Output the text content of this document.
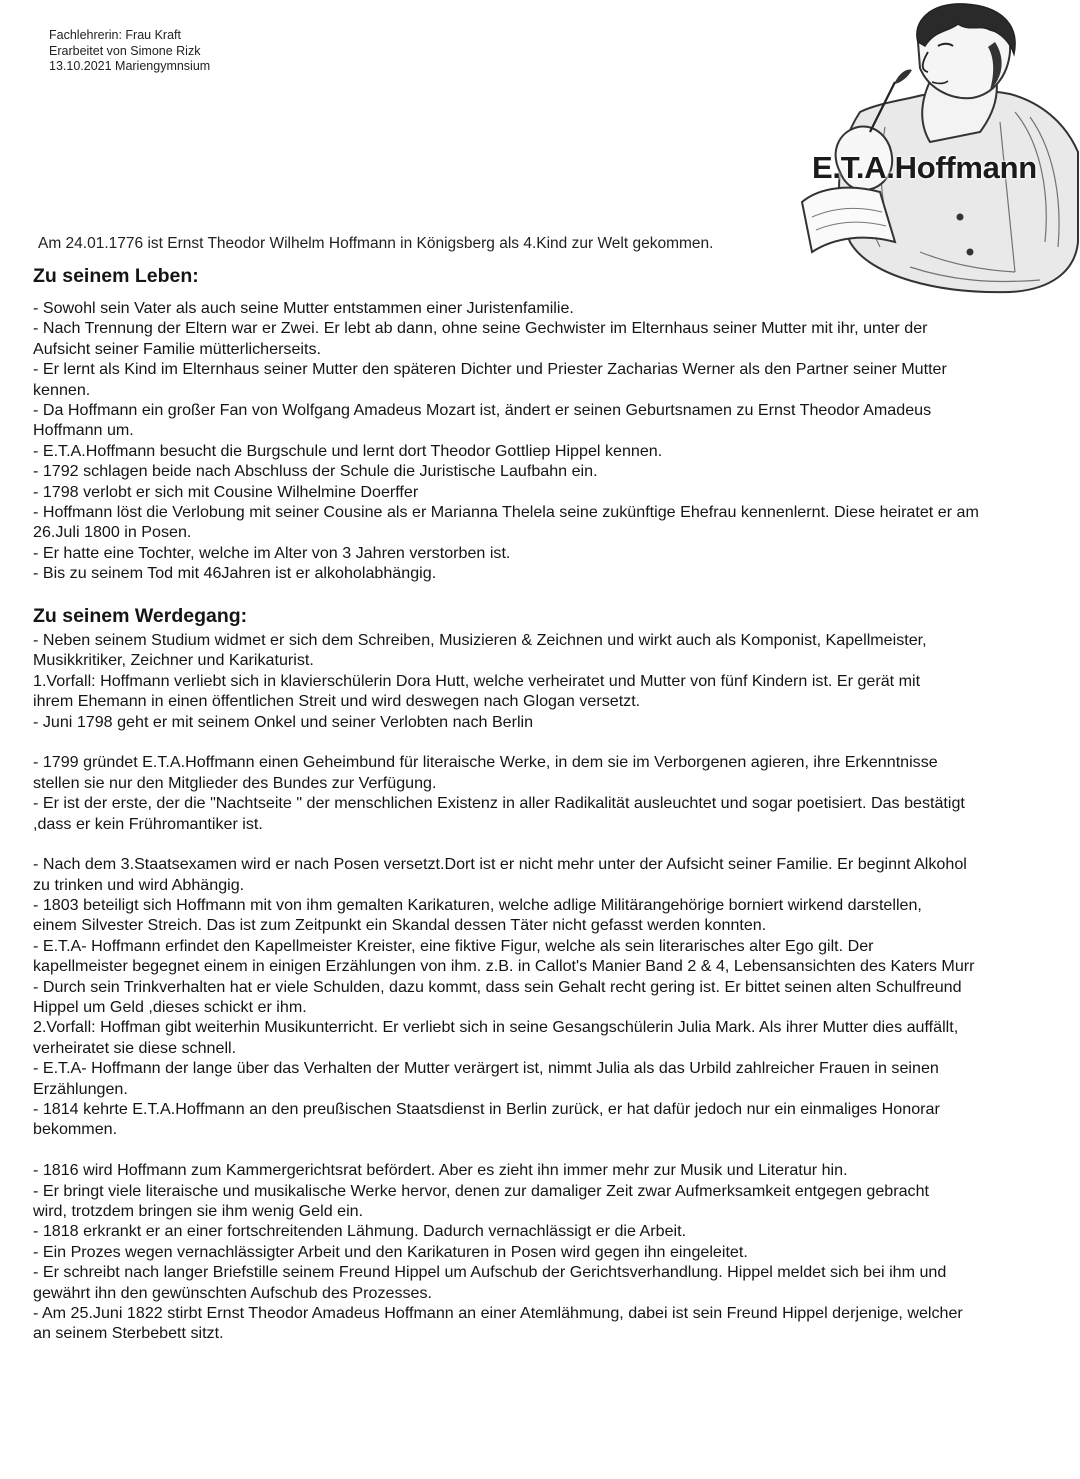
Fachlehrerin: Frau Kraft
Erarbeitet von Simone Rizk
13.10.2021 Mariengymnsium
E.T.A.Hoffmann
Am 24.01.1776 ist Ernst Theodor Wilhelm Hoffmann in Königsberg als 4.Kind zur Welt gekommen.
Zu seinem Leben:
- Sowohl sein Vater als auch seine Mutter entstammen einer Juristenfamilie.
- Nach Trennung der Eltern war er Zwei. Er lebt ab dann, ohne seine Gechwister im Elternhaus seiner Mutter mit ihr, unter der
Aufsicht seiner Familie mütterlicherseits.
- Er lernt als Kind im Elternhaus seiner Mutter den späteren Dichter und Priester Zacharias Werner als den Partner seiner Mutter
kennen.
- Da Hoffmann ein großer Fan von Wolfgang Amadeus Mozart ist, ändert er seinen Geburtsnamen zu Ernst Theodor Amadeus
Hoffmann um.
- E.T.A.Hoffmann besucht die Burgschule und lernt dort Theodor Gottliep Hippel kennen.
- 1792 schlagen beide nach Abschluss der Schule die Juristische Laufbahn ein.
- 1798 verlobt er sich mit Cousine Wilhelmine Doerffer
- Hoffmann löst die Verlobung mit seiner Cousine als er Marianna Thelela seine zukünftige Ehefrau kennenlernt. Diese heiratet er am
26.Juli 1800 in Posen.
- Er hatte eine Tochter, welche im Alter von 3 Jahren verstorben ist.
- Bis zu seinem Tod mit 46Jahren ist er alkoholabhängig.
Zu seinem Werdegang:
- Neben seinem Studium widmet er sich dem Schreiben, Musizieren & Zeichnen und wirkt auch als Komponist, Kapellmeister,
Musikkritiker, Zeichner und Karikaturist.
1.Vorfall: Hoffmann verliebt sich in klavierschülerin Dora Hutt, welche verheiratet und Mutter von fünf Kindern ist. Er gerät mit
ihrem Ehemann in einen öffentlichen Streit und wird deswegen nach Glogan versetzt.
- Juni 1798 geht er mit seinem Onkel und seiner Verlobten nach Berlin
- 1799 gründet E.T.A.Hoffmann einen Geheimbund für literaische Werke, in dem sie im Verborgenen agieren, ihre Erkenntnisse
stellen sie nur den Mitglieder des Bundes zur Verfügung.
- Er ist der erste, der die "Nachtseite " der menschlichen Existenz in aller Radikalität ausleuchtet und sogar poetisiert. Das bestätigt
,dass er kein Frühromantiker ist.
- Nach dem 3.Staatsexamen wird er nach Posen versetzt.Dort ist er nicht mehr unter der Aufsicht seiner Familie. Er beginnt Alkohol
zu trinken und wird Abhängig.
- 1803 beteiligt sich Hoffmann mit von ihm gemalten Karikaturen, welche adlige Militärangehörige borniert wirkend darstellen,
einem Silvester Streich. Das ist zum Zeitpunkt ein Skandal dessen Täter nicht gefasst werden konnten.
- E.T.A- Hoffmann erfindet den Kapellmeister Kreister, eine fiktive Figur, welche als sein literarisches alter Ego gilt. Der
kapellmeister begegnet einem in einigen Erzählungen von ihm. z.B. in Callot's Manier Band 2 & 4, Lebensansichten des Katers Murr
- Durch sein Trinkverhalten hat er viele Schulden, dazu kommt, dass sein Gehalt recht gering ist. Er bittet seinen alten Schulfreund
Hippel um Geld ,dieses schickt er ihm.
2.Vorfall: Hoffman gibt weiterhin Musikunterricht. Er verliebt sich in seine Gesangschülerin Julia Mark. Als ihrer Mutter dies auffällt,
verheiratet sie diese schnell.
- E.T.A- Hoffmann der lange über das Verhalten der Mutter verärgert ist, nimmt Julia als das Urbild zahlreicher Frauen in seinen
Erzählungen.
- 1814 kehrte E.T.A.Hoffmann an den preußischen Staatsdienst in Berlin zurück, er hat dafür jedoch nur ein einmaliges Honorar
bekommen.
- 1816 wird Hoffmann zum Kammergerichtsrat befördert. Aber es zieht ihn immer mehr zur Musik und Literatur hin.
- Er bringt viele literaische und musikalische Werke hervor, denen zur damaliger Zeit zwar Aufmerksamkeit entgegen gebracht
wird, trotzdem bringen sie ihm wenig Geld ein.
- 1818 erkrankt er an einer fortschreitenden Lähmung. Dadurch vernachlässigt er die Arbeit.
- Ein Prozes wegen vernachlässigter Arbeit und den Karikaturen in Posen wird gegen ihn eingeleitet.
- Er schreibt nach langer Briefstille seinem Freund Hippel um Aufschub der Gerichtsverhandlung. Hippel meldet sich bei ihm und
gewährt ihn den gewünschten Aufschub des Prozesses.
- Am 25.Juni 1822 stirbt Ernst Theodor Amadeus Hoffmann an einer Atemlähmung, dabei ist sein Freund Hippel derjenige, welcher
an seinem Sterbebett sitzt.
